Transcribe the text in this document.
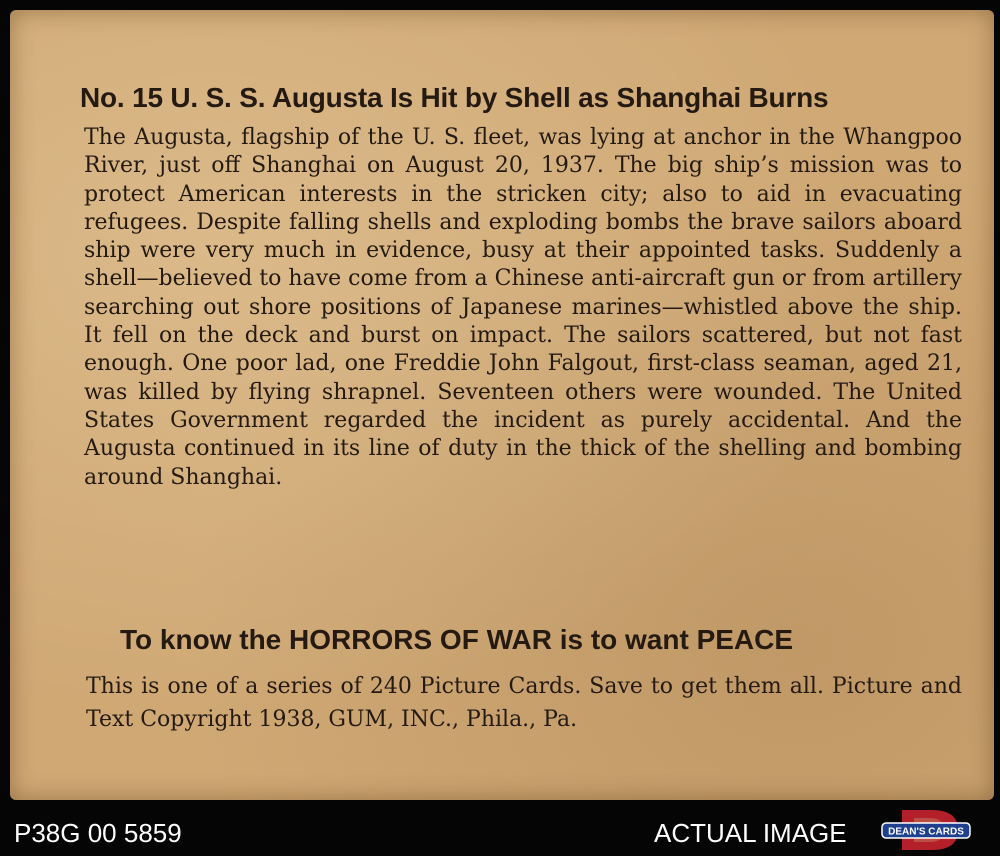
No. 15 U. S. S. Augusta Is Hit by Shell as Shanghai Burns

The Augusta, flagship of the U. S. fleet, was lying at anchor in the Whangpoo River, just off Shanghai on August 20, 1937. The big ship’s mission was to protect American interests in the stricken city; also to aid in evacuating refugees. Despite falling shells and exploding bombs the brave sailors aboard ship were very much in evidence, busy at their appointed tasks. Suddenly a shell—believed to have come from a Chinese anti-aircraft gun or from artillery searching out shore positions of Japanese marines—whistled above the ship. It fell on the deck and burst on impact. The sailors scattered, but not fast enough. One poor lad, one Freddie John Falgout, first-class seaman, aged 21, was killed by flying shrapnel. Seventeen others were wounded. The United States Government regarded the incident as purely accidental. And the Augusta continued in its line of duty in the thick of the shelling and bombing around Shanghai.

To know the HORRORS OF WAR is to want PEACE

This is one of a series of 240 Picture Cards. Save to get them all. Picture and Text Copyright 1938, GUM, INC., Phila., Pa.

P38G 00 5859	ACTUAL IMAGE	DEAN'S CARDS
